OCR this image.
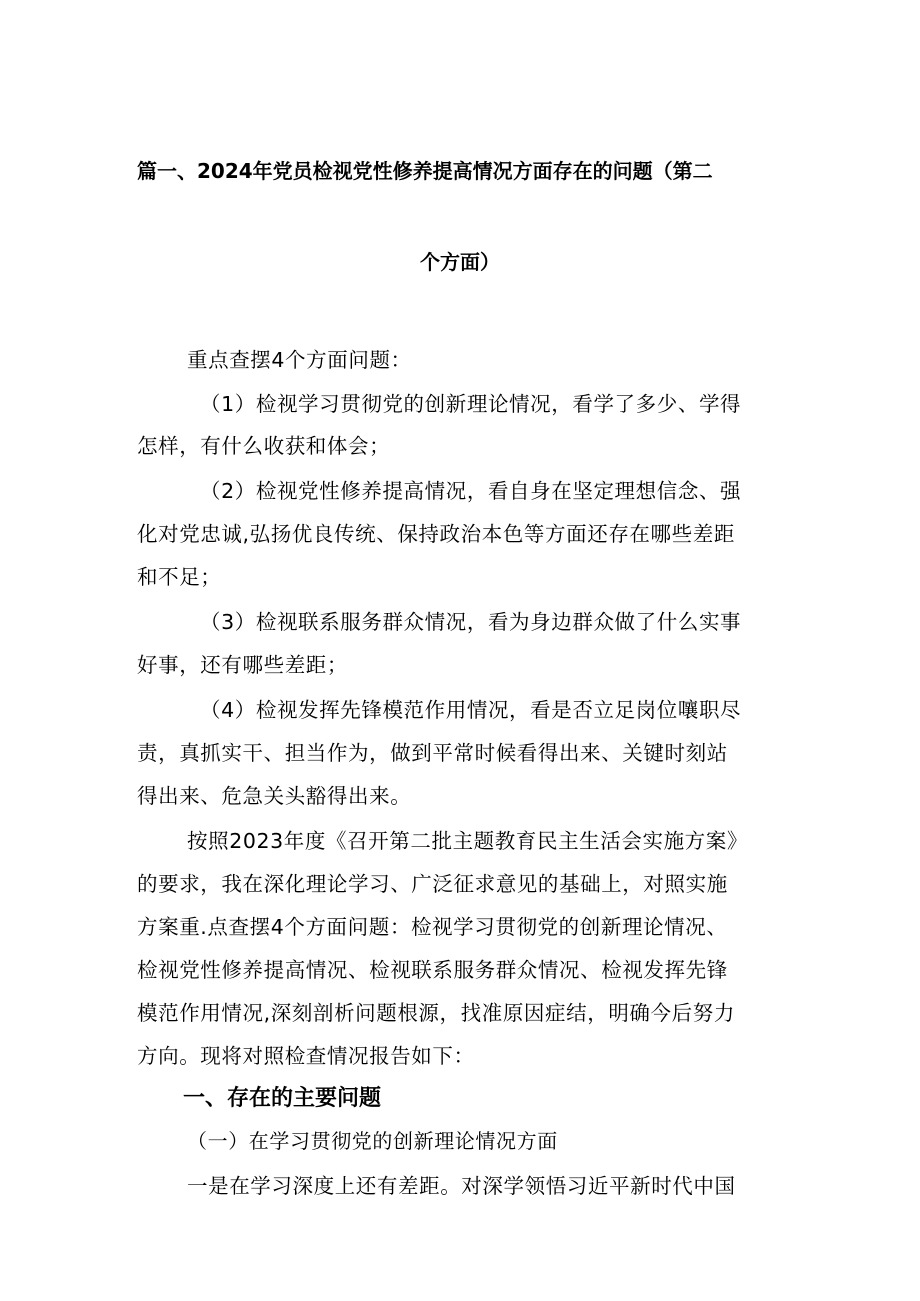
篇一、2024年党员检视党性修养提高情况方面存在的问题（第二
个方面）
重点查摆4个方面问题：
（1）检视学习贯彻党的创新理论情况，看学了多少、学得
怎样，有什么收获和体会；
（2）检视党性修养提高情况，看自身在坚定理想信念、强
化对党忠诚,弘扬优良传统、保持政治本色等方面还存在哪些差距
和不足；
（3）检视联系服务群众情况，看为身边群众做了什么实事
好事，还有哪些差距；
（4）检视发挥先锋模范作用情况，看是否立足岗位嚷职尽
责，真抓实干、担当作为，做到平常时候看得出来、关键时刻站
得出来、危急关头豁得出来。
按照2023年度《召开第二批主题教育民主生活会实施方案》
的要求，我在深化理论学习、广泛征求意见的基础上，对照实施
方案重.点查摆4个方面问题：检视学习贯彻党的创新理论情况、
检视党性修养提高情况、检视联系服务群众情况、检视发挥先锋
模范作用情况,深刻剖析问题根源，找准原因症结，明确今后努力
方向。现将对照检查情况报告如下：
一、存在的主要问题
（一）在学习贯彻党的创新理论情况方面
一是在学习深度上还有差距。对深学领悟习近平新时代中国
